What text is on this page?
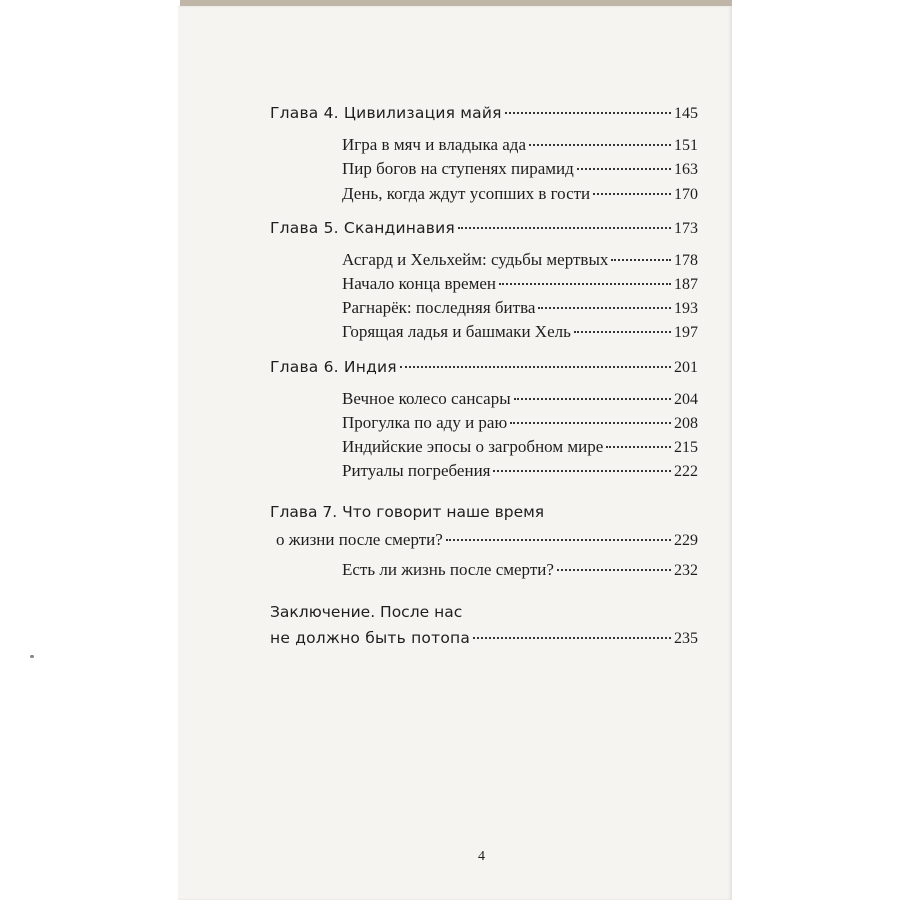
Глава 4. Цивилизация майя	145
Игра в мяч и владыка ада	151
Пир богов на ступенях пирамид	163
День, когда ждут усопших в гости	170
Глава 5. Скандинавия	173
Асгард и Хельхейм: судьбы мертвых	178
Начало конца времен	187
Рагнарёк: последняя битва	193
Горящая ладья и башмаки Хель	197
Глава 6. Индия	201
Вечное колесо сансары	204
Прогулка по аду и раю	208
Индийские эпосы о загробном мире	215
Ритуалы погребения	222
Глава 7. Что говорит наше время
о жизни после смерти?	229
Есть ли жизнь после смерти?	232
Заключение. После нас
не должно быть потопа	235
4
